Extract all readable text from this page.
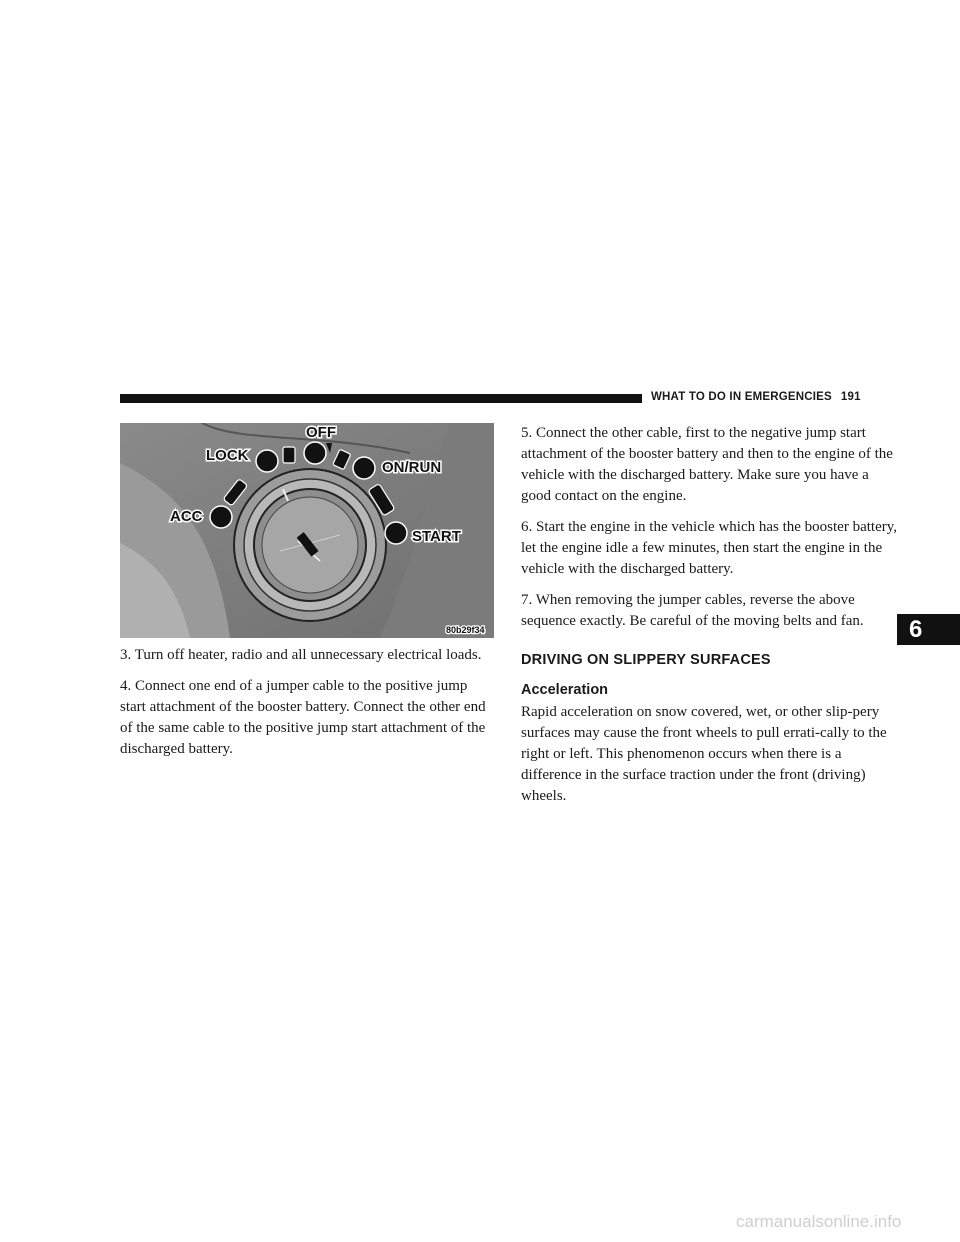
WHAT TO DO IN EMERGENCIES 191
OFF
LOCK
ON/RUN
ACC
START
80b29f34

3. Turn off heater, radio and all unnecessary electrical loads.

4. Connect one end of a jumper cable to the positive jump start attachment of the booster battery. Connect the other end of the same cable to the positive jump start attachment of the discharged battery.

5. Connect the other cable, first to the negative jump start attachment of the booster battery and then to the engine of the vehicle with the discharged battery. Make sure you have a good contact on the engine.

6. Start the engine in the vehicle which has the booster battery, let the engine idle a few minutes, then start the engine in the vehicle with the discharged battery.

7. When removing the jumper cables, reverse the above sequence exactly. Be careful of the moving belts and fan.

DRIVING ON SLIPPERY SURFACES
Acceleration

Rapid acceleration on snow covered, wet, or other slip-pery surfaces may cause the front wheels to pull errati-cally to the right or left. This phenomenon occurs when there is a difference in the surface traction under the front (driving) wheels.

6
carmanualsonline.info
